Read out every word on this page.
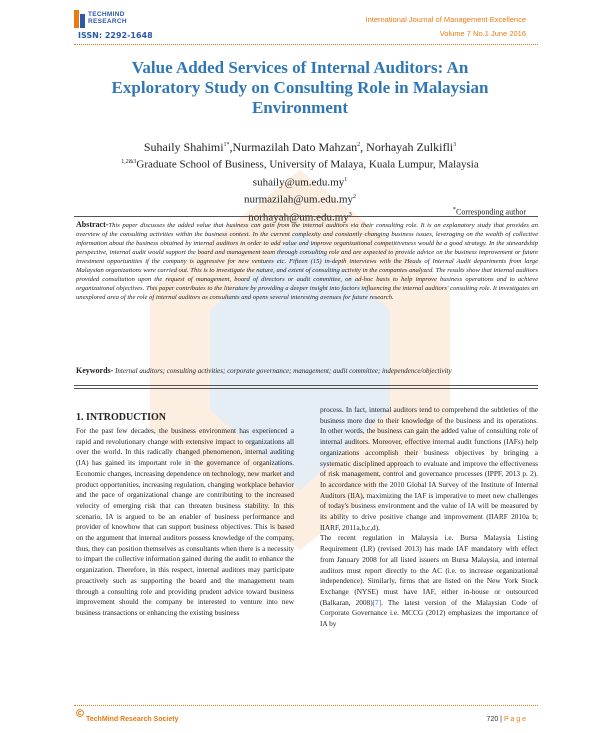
TECHMIND
RESEARCH
ISSN: 2292-1648
International Journal of Management Excellence
Volume 7 No.1 June 2016
Value Added Services of Internal Auditors: An
Exploratory Study on Consulting Role in Malaysian
Environment
Suhaily Shahimi$^{1*}$,Nurmazilah Dato Mahzan$^2$, Norhayah Zulkifli$^3$
$^{1,2\&3}$Graduate School of Business, University of Malaya, Kuala Lumpur, Malaysia
$suhaily@um.edu.my^1$
$nurmazilah@um.edu.my^2$
$norhayah@um.edu.my^3$
*Corresponding author

Abstract-This paper discusses the added value that business can gain from the internal auditors via their consulting role. It is an explanatory study that provides an overview of the consulting activities within the business context. In the current complexity and constantly changing business issues, leveraging on the wealth of collective information about the business obtained by internal auditors in order to add value and improve organizational competitiveness would be a good strategy. In the stewardship perspective, internal audit would support the board and management team through consulting role and are expected to provide advice on the business improvement or future investment opportunities if the company is aggressive for new ventures etc. Fifteen (15) in-depth interviews with the Heads of Internal Audit departments from large Malaysian organizations were carried out. This is to investigate the nature, and extent of consulting activity in the companies analyzed. The results show that internal auditors provided consultation upon the request of management, board of directors or audit committee, on ad-hoc basis to help improve business operations and to achieve organizational objectives. This paper contributes to the literature by providing a deeper insight into factors influencing the internal auditors' consulting role. It investigates an unexplored area of the role of internal auditors as consultants and opens several interesting avenues for future research.

Keywords- Internal auditors; consulting activities; corporate governance; management; audit committee; independence/objectivity

1. INTRODUCTION

For the past few decades, the business environment has experienced a rapid and revolutionary change with extensive impact to organizations all over the world. In this radically changed phenomenon, internal auditing (IA) has gained its important role in the governance of organizations. Economic changes, increasing dependence on technology, new market and product opportunities, increasing regulation, changing workplace behavior and the pace of organizational change are contributing to the increased velocity of emerging risk that can threaten business stability. In this scenario, IA is argued to be an enabler of business performance and provider of knowhow that can support business objectives. This is based on the argument that internal auditors possess knowledge of the company, thus, they can position themselves as consultants when there is a necessity to impart the collective information gained during the audit to enhance the organization. Therefore, in this respect, internal auditors may participate proactively such as supporting the board and the management team through a consulting role and providing prudent advice toward business improvement should the company be interested to venture into new business transactions or enhancing the existing business

process. In fact, internal auditors tend to comprehend the subtleties of the business more due to their knowledge of the business and its operations. In other words, the business can gain the added value of consulting role of internal auditors. Moreover, effective internal audit functions (IAFs) help organizations accomplish their business objectives by bringing a systematic disciplined approach to evaluate and improve the effectiveness of risk management, control and governance processes (IPPF, 2013 p. 2). In accordance with the 2010 Global IA Survey of the Institute of Internal Auditors (IIA), maximizing the IAF is imperative to meet new challenges of today's business environment and the value of IA will be measured by its ability to drive positive change and improvement (IIARF 2010a b; IIARF, 2011a,b,c,d).

The recent regulation in Malaysia i.e. Bursa Malaysia Listing Requirement (LR) (revised 2013) has made IAF mandatory with effect from January 2008 for all listed issuers on Bursa Malaysia, and internal auditors must report directly to the AC (i.e. to increase organizational independence). Similarly, firms that are listed on the New York Stock Exchange (NYSE) must have IAF, either in-house or outsourced (Balkaran, 2008)[7]. The latest version of the Malaysian Code of Corporate Governance i.e. MCCG (2012) emphasizes the importance of IA by

TechMind Research Society	720 | P a g e
